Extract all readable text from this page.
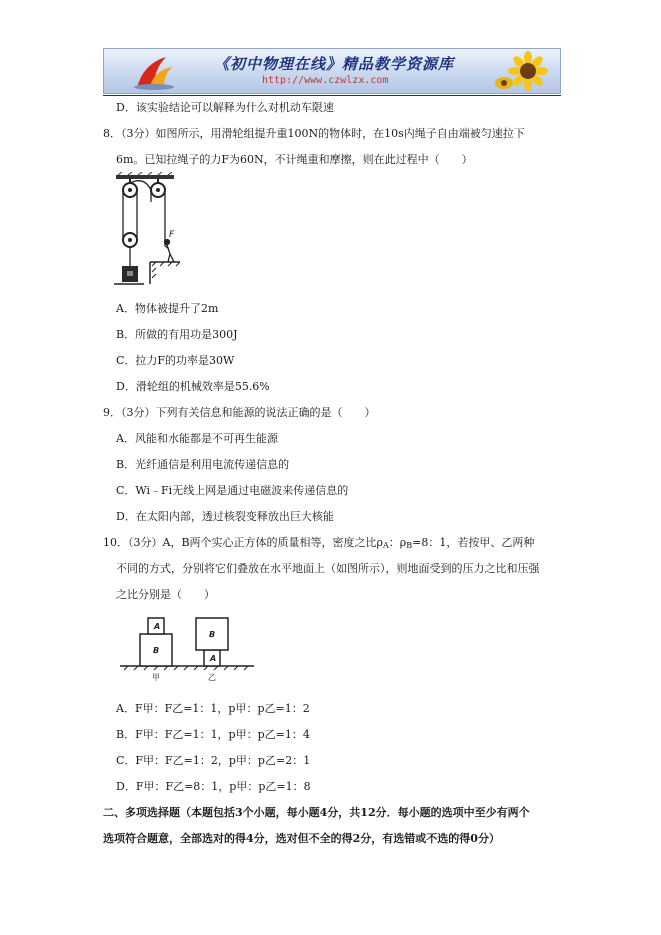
《初中物理在线》精品教学资源库
http://www.czwlzx.com
D．该实验结论可以解释为什么对机动车限速
8．（3分）如图所示，用滑轮组提升重100N的物体时，在10s内绳子自由端被匀速拉下
6m。已知拉绳子的力F为60N，不计绳重和摩擦，则在此过程中（　　）
F
A．物体被提升了2m
B．所做的有用功是300J
C．拉力F的功率是30W
D．滑轮组的机械效率是55.6%
9．（3分）下列有关信息和能源的说法正确的是（　　）
A．风能和水能都是不可再生能源
B．光纤通信是利用电流传递信息的
C．Wi﹣Fi无线上网是通过电磁波来传递信息的
D．在太阳内部，透过核裂变释放出巨大核能
10．（3分）A，B两个实心正方体的质量相等，密度之比$\rho_A$：$\rho_B=8$：1，若按甲、乙两种
不同的方式，分别将它们叠放在水平地面上（如图所示），则地面受到的压力之比和压强
之比分别是（　　）
A
B
B
A
甲	乙
A．F甲：F乙=1：1，p甲：p乙=1：2
B．F甲：F乙=1：1，p甲：p乙=1：4
C．F甲：F乙=1：2，p甲：p乙=2：1
D．F甲：F乙=8：1，p甲：p乙=1：8
二、多项选择题（本题包括3个小题，每小题4分，共12分．每小题的选项中至少有两个
选项符合题意，全部选对的得4分，选对但不全的得2分，有选错或不选的得0分）
